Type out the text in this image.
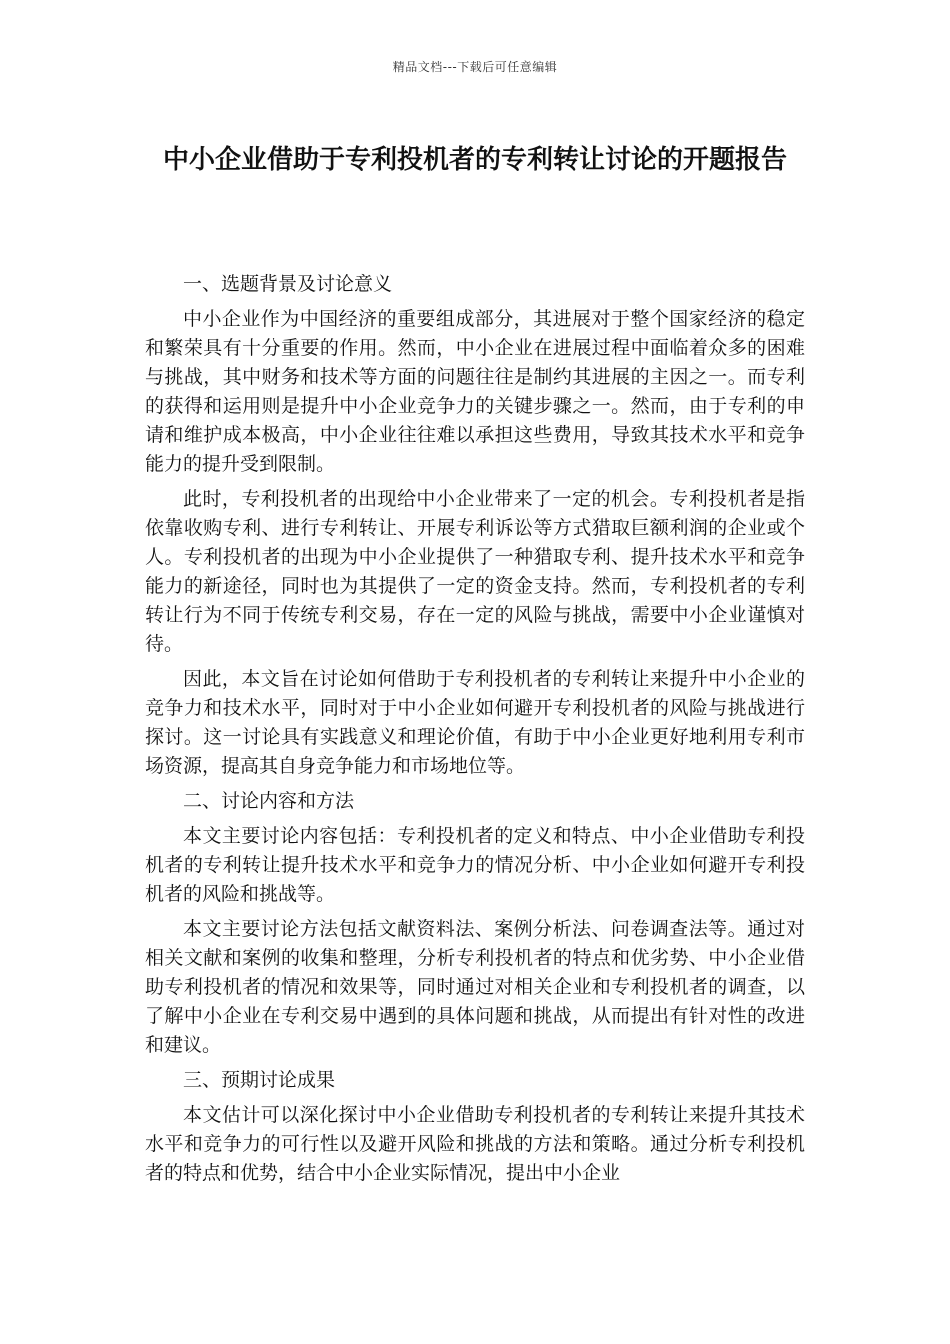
精品文档---下载后可任意编辑
中小企业借助于专利投机者的专利转让讨论的开题报告
一、选题背景及讨论意义

中小企业作为中国经济的重要组成部分，其进展对于整个国家经济的稳定和繁荣具有十分重要的作用。然而，中小企业在进展过程中面临着众多的困难与挑战，其中财务和技术等方面的问题往往是制约其进展的主因之一。而专利的获得和运用则是提升中小企业竞争力的关键步骤之一。然而，由于专利的申请和维护成本极高，中小企业往往难以承担这些费用，导致其技术水平和竞争能力的提升受到限制。

此时，专利投机者的出现给中小企业带来了一定的机会。专利投机者是指依靠收购专利、进行专利转让、开展专利诉讼等方式猎取巨额利润的企业或个人。专利投机者的出现为中小企业提供了一种猎取专利、提升技术水平和竞争能力的新途径，同时也为其提供了一定的资金支持。然而，专利投机者的专利转让行为不同于传统专利交易，存在一定的风险与挑战，需要中小企业谨慎对待。

因此，本文旨在讨论如何借助于专利投机者的专利转让来提升中小企业的竞争力和技术水平，同时对于中小企业如何避开专利投机者的风险与挑战进行探讨。这一讨论具有实践意义和理论价值，有助于中小企业更好地利用专利市场资源，提高其自身竞争能力和市场地位等。

二、讨论内容和方法

本文主要讨论内容包括：专利投机者的定义和特点、中小企业借助专利投机者的专利转让提升技术水平和竞争力的情况分析、中小企业如何避开专利投机者的风险和挑战等。

本文主要讨论方法包括文献资料法、案例分析法、问卷调查法等。通过对相关文献和案例的收集和整理，分析专利投机者的特点和优劣势、中小企业借助专利投机者的情况和效果等，同时通过对相关企业和专利投机者的调查，以了解中小企业在专利交易中遇到的具体问题和挑战，从而提出有针对性的改进和建议。

三、预期讨论成果

本文估计可以深化探讨中小企业借助专利投机者的专利转让来提升其技术水平和竞争力的可行性以及避开风险和挑战的方法和策略。通过分析专利投机者的特点和优势，结合中小企业实际情况，提出中小企业
